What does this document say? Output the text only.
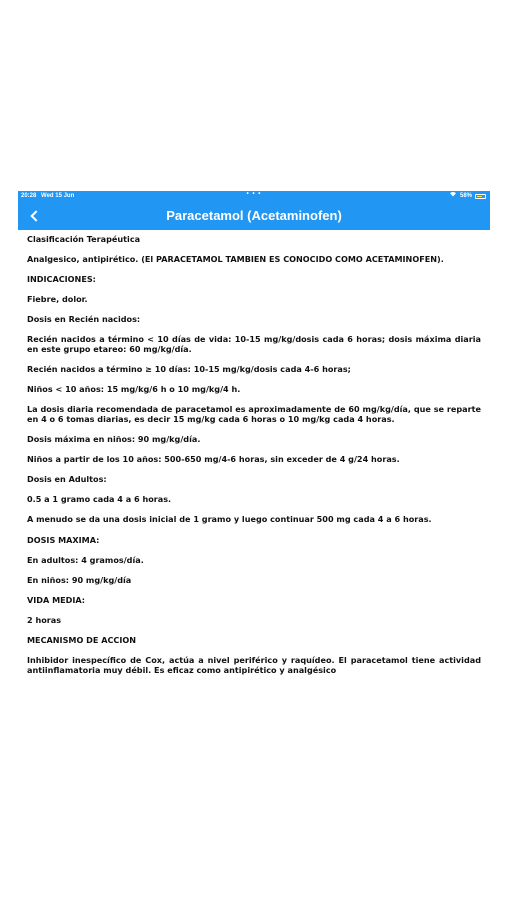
20:28 Wed 15 Jun	• • •	58%
Paracetamol (Acetaminofen)

Clasificación Terapéutica

Analgesico, antipirético. (El PARACETAMOL TAMBIEN ES CONOCIDO COMO ACETAMINOFEN).

INDICACIONES:

Fiebre, dolor.

Dosis en Recién nacidos:

Recién nacidos a término < 10 días de vida: 10-15 mg/kg/dosis cada 6 horas; dosis máxima diaria en este grupo etareo: 60 mg/kg/día.

Recién nacidos a término ≥ 10 días: 10-15 mg/kg/dosis cada 4-6 horas;

Niños < 10 años: 15 mg/kg/6 h o 10 mg/kg/4 h.

La dosis diaria recomendada de paracetamol es aproximadamente de 60 mg/kg/día, que se reparte en 4 o 6 tomas diarias, es decir 15 mg/kg cada 6 horas o 10 mg/kg cada 4 horas.

Dosis máxima en niños: 90 mg/kg/día.

Niños a partir de los 10 años: 500-650 mg/4-6 horas, sin exceder de 4 g/24 horas.

Dosis en Adultos:

0.5 a 1 gramo cada 4 a 6 horas.

A menudo se da una dosis inicial de 1 gramo y luego continuar 500 mg cada 4 a 6 horas.

DOSIS MAXIMA:

En adultos: 4 gramos/día.

En niños: 90 mg/kg/día

VIDA MEDIA:

2 horas

MECANISMO DE ACCION

Inhibidor inespecífico de Cox, actúa a nivel periférico y raquídeo. El paracetamol tiene actividad antiinflamatoria muy débil. Es eficaz como antipirético y analgésico
